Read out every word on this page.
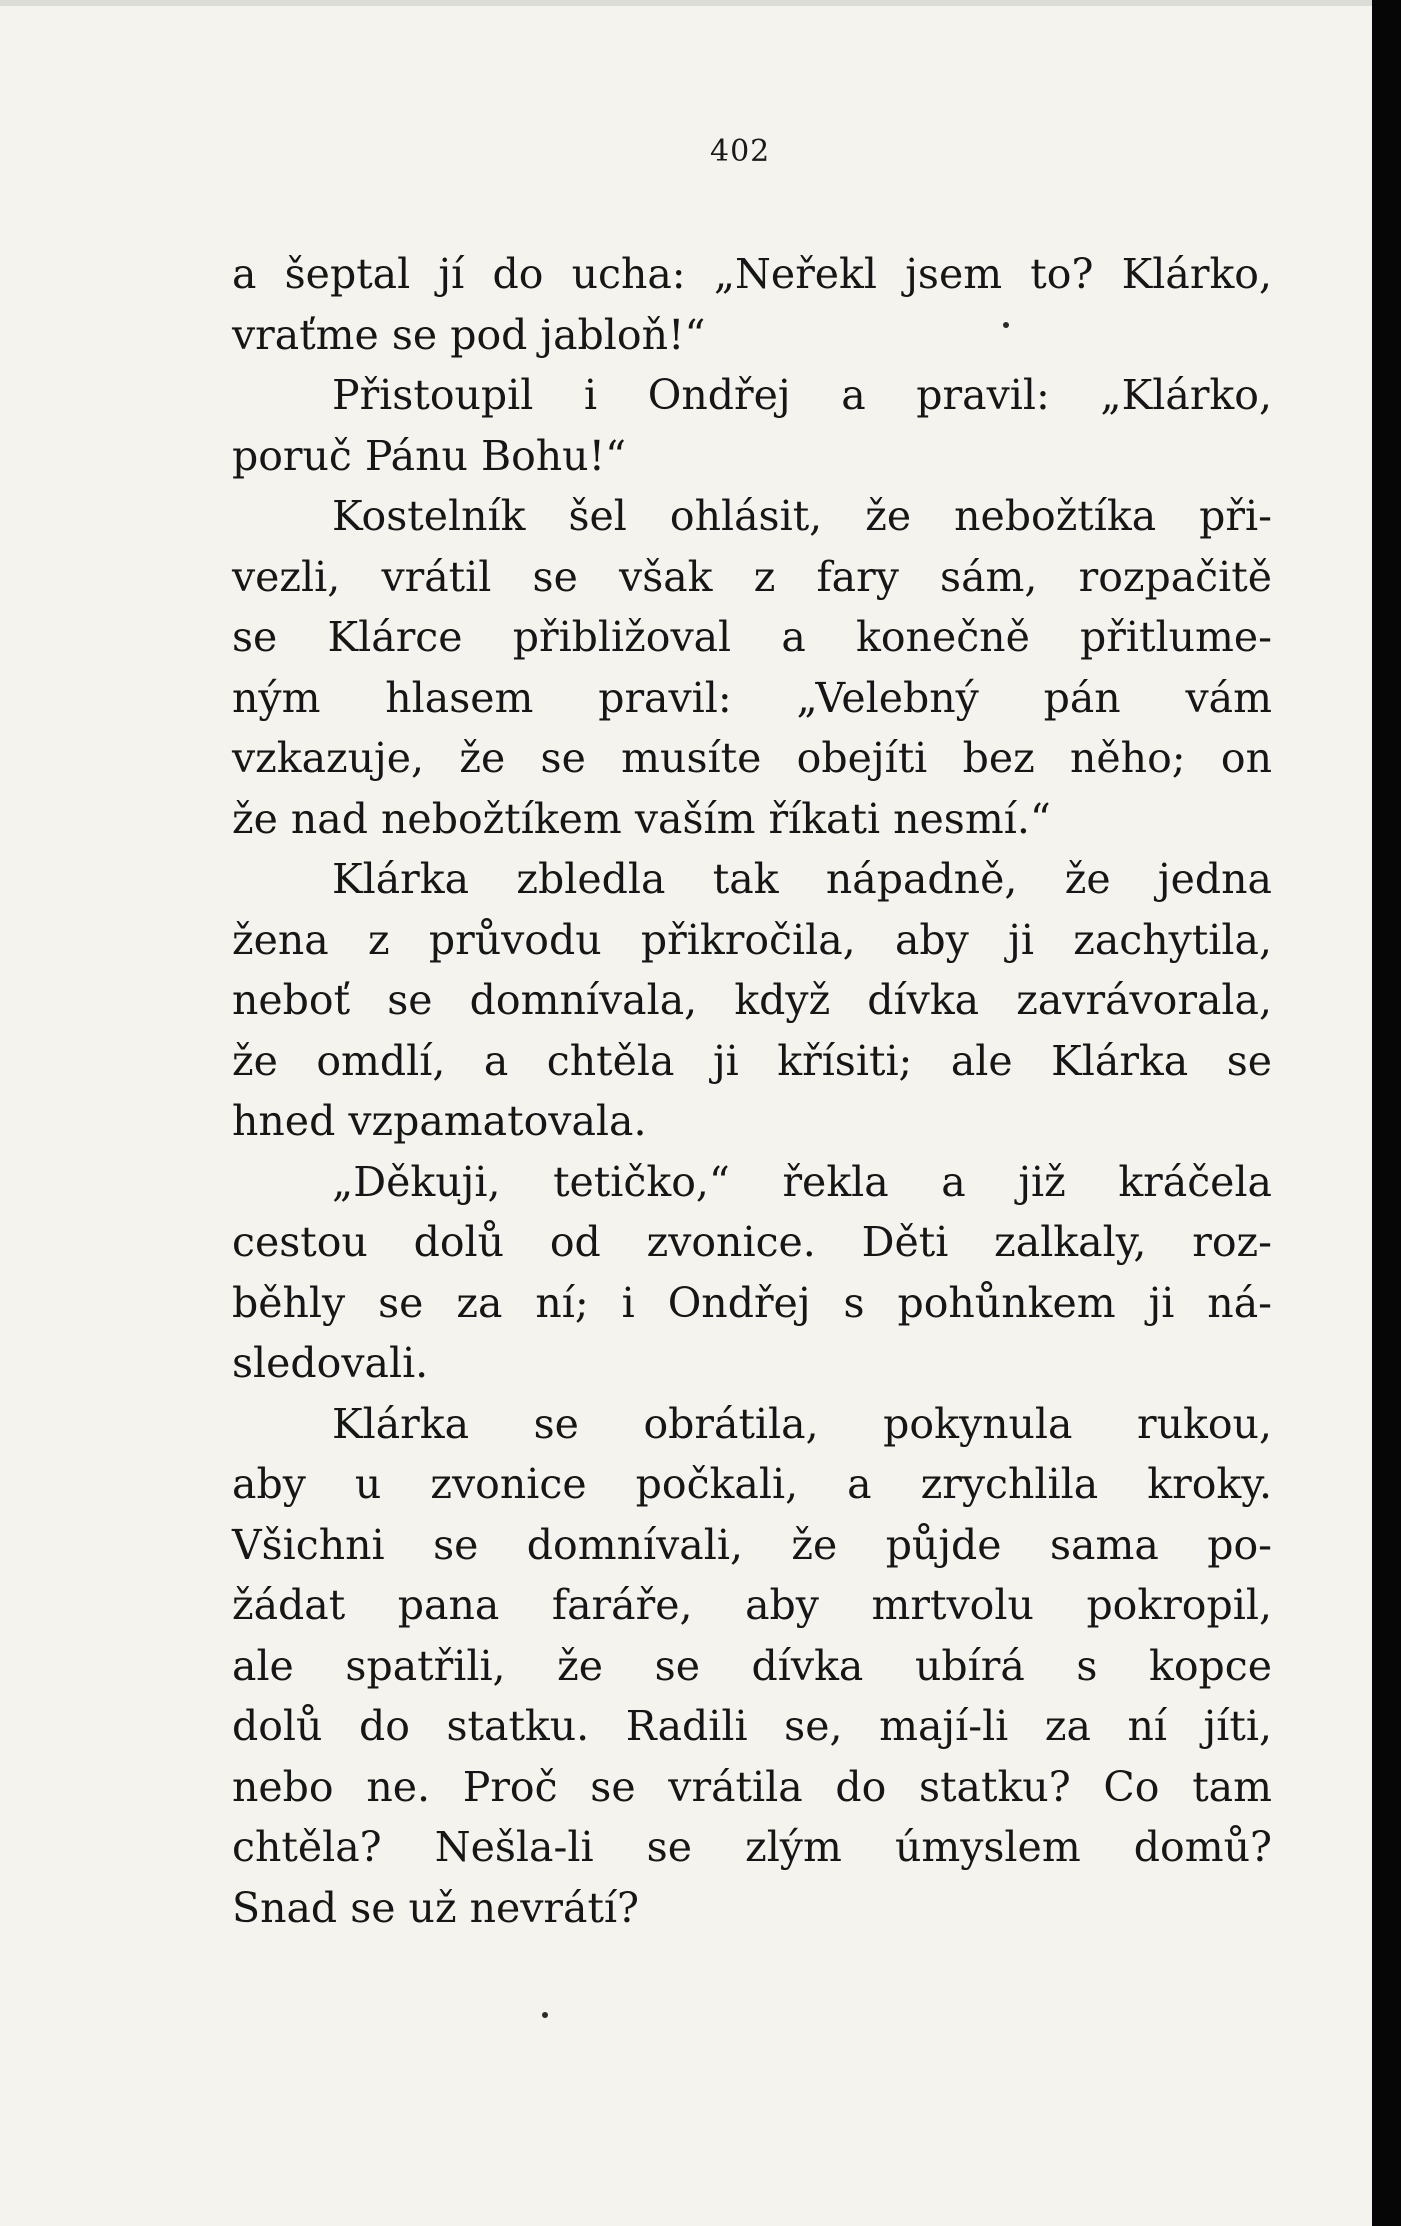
402
a šeptal jí do ucha: „Neřekl jsem to? Klárko,
vraťme se pod jabloň!“
Přistoupil i Ondřej a pravil: „Klárko,
poruč Pánu Bohu!“
Kostelník šel ohlásit, že nebožtíka při-
vezli, vrátil se však z fary sám, rozpačitě
se Klárce přibližoval a konečně přitlume-
ným hlasem pravil: „Velebný pán vám
vzkazuje, že se musíte obejíti bez něho; on
že nad nebožtíkem vaším říkati nesmí.“
Klárka zbledla tak nápadně, že jedna
žena z průvodu přikročila, aby ji zachytila,
neboť se domnívala, když dívka zavrávorala,
že omdlí, a chtěla ji křísiti; ale Klárka se
hned vzpamatovala.
„Děkuji, tetičko,“ řekla a již kráčela
cestou dolů od zvonice. Děti zalkaly, roz-
běhly se za ní; i Ondřej s pohůnkem ji ná-
sledovali.
Klárka se obrátila, pokynula rukou,
aby u zvonice počkali, a zrychlila kroky.
Všichni se domnívali, že půjde sama po-
žádat pana faráře, aby mrtvolu pokropil,
ale spatřili, že se dívka ubírá s kopce
dolů do statku. Radili se, mají-li za ní jíti,
nebo ne. Proč se vrátila do statku? Co tam
chtěla? Nešla-li se zlým úmyslem domů?
Snad se už nevrátí?
